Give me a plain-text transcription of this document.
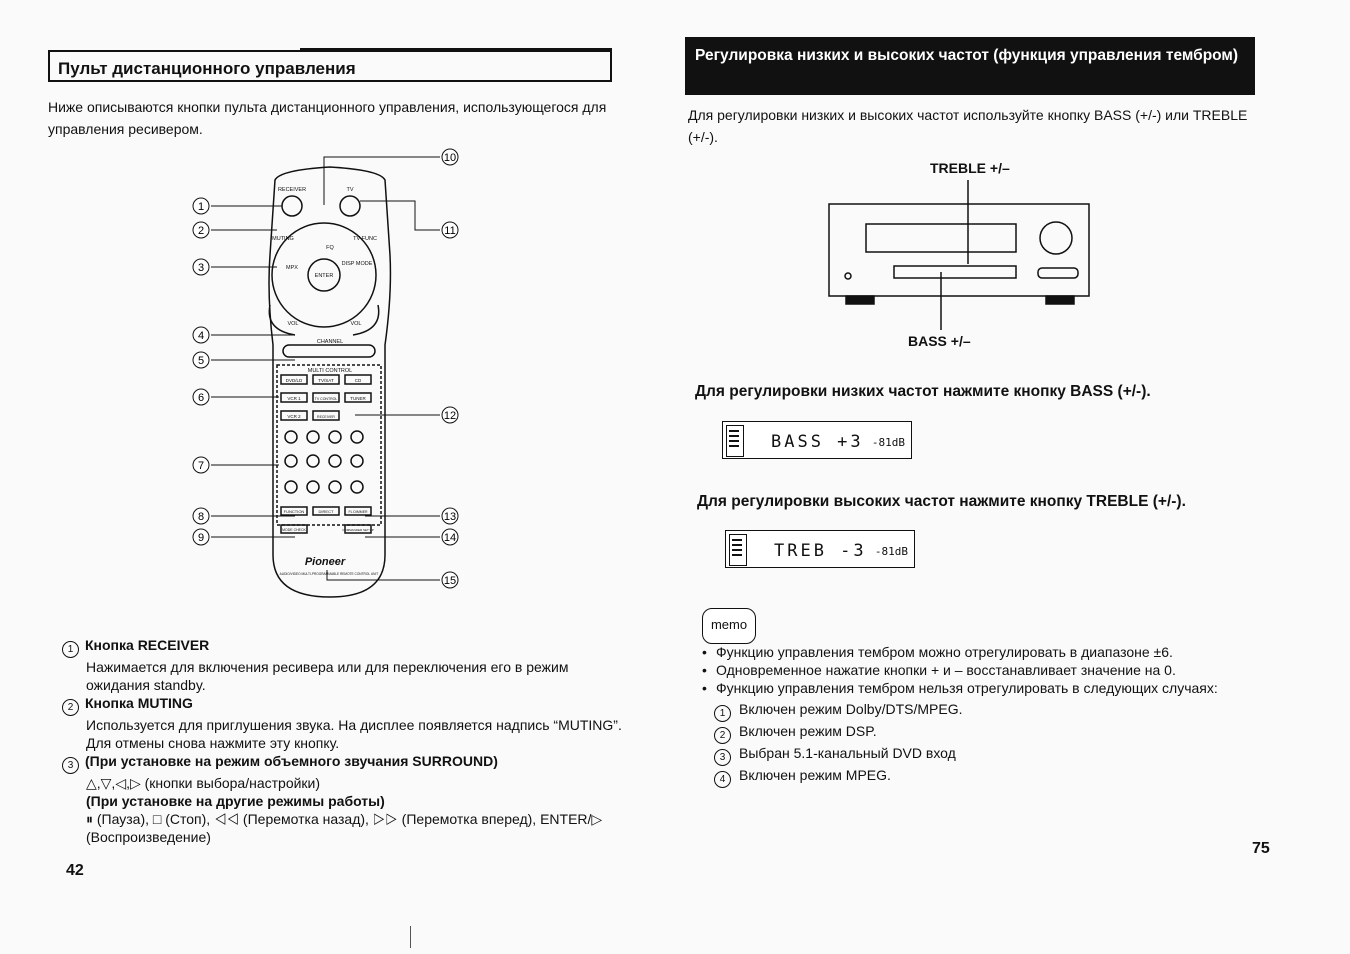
Пульт дистанционного управления
Ниже описываются кнопки пульта дистанционного управления, использующегося для управления ресивером.
1
2
3
4
5
6
7
8
9
10
11
12
13
14
15
RECEIVER	TV
MUTING	TV FUNC
ENTER
MPX
DISP MODE
FQ
VOL	VOL
CHANNEL
MULTI CONTROL
DVD/LD	TV/SAT	CD
VCR 1	TV CONTROL	TUNER
VCR 2	RECEIVER
FUNCTION	DIRECT	FL DIMMER
MODE CHECK	COMMANDER SET UP
Pioneer
AUDIO/VIDEO MULTI-PROGRAMMABLE REMOTE CONTROL UNIT
1 Кнопка RECEIVER
Нажимается для включения ресивера или для переключения его в режим ожидания standby.
2 Кнопка MUTING
Используется для приглушения звука. На дисплее появляется надпись “MUTING”. Для отмены снова нажмите эту кнопку.
3 (При установке на режим объемного звучания SURROUND)
△,▽,◁,▷ (кнопки выбора/настройки)
(При установке на другие режимы работы)
⏸ (Пауза), □ (Стоп), ◁◁ (Перемотка назад), ▷▷ (Перемотка вперед), ENTER/▷ (Воспроизведение)
42
Регулировка низких и высоких частот (функция управления тембром)
Для регулировки низких и высоких частот используйте кнопку BASS (+/-) или TREBLE (+/-).
TREBLE +/–
BASS +/–
Для регулировки низких частот нажмите кнопку BASS (+/-).
BASS +3 -81dB
Для регулировки высоких частот нажмите кнопку TREBLE (+/-).
TREB -3 -81dB
memo
• Функцию управления тембром можно отрегулировать в диапазоне ±6.
• Одновременное нажатие кнопки + и – восстанавливает значение на 0.
• Функцию управления тембром нельзя отрегулировать в следующих случаях:
1 Включен режим Dolby/DTS/MPEG.
2 Включен режим DSP.
3 Выбран 5.1-канальный DVD вход
4 Включен режим MPEG.
75
